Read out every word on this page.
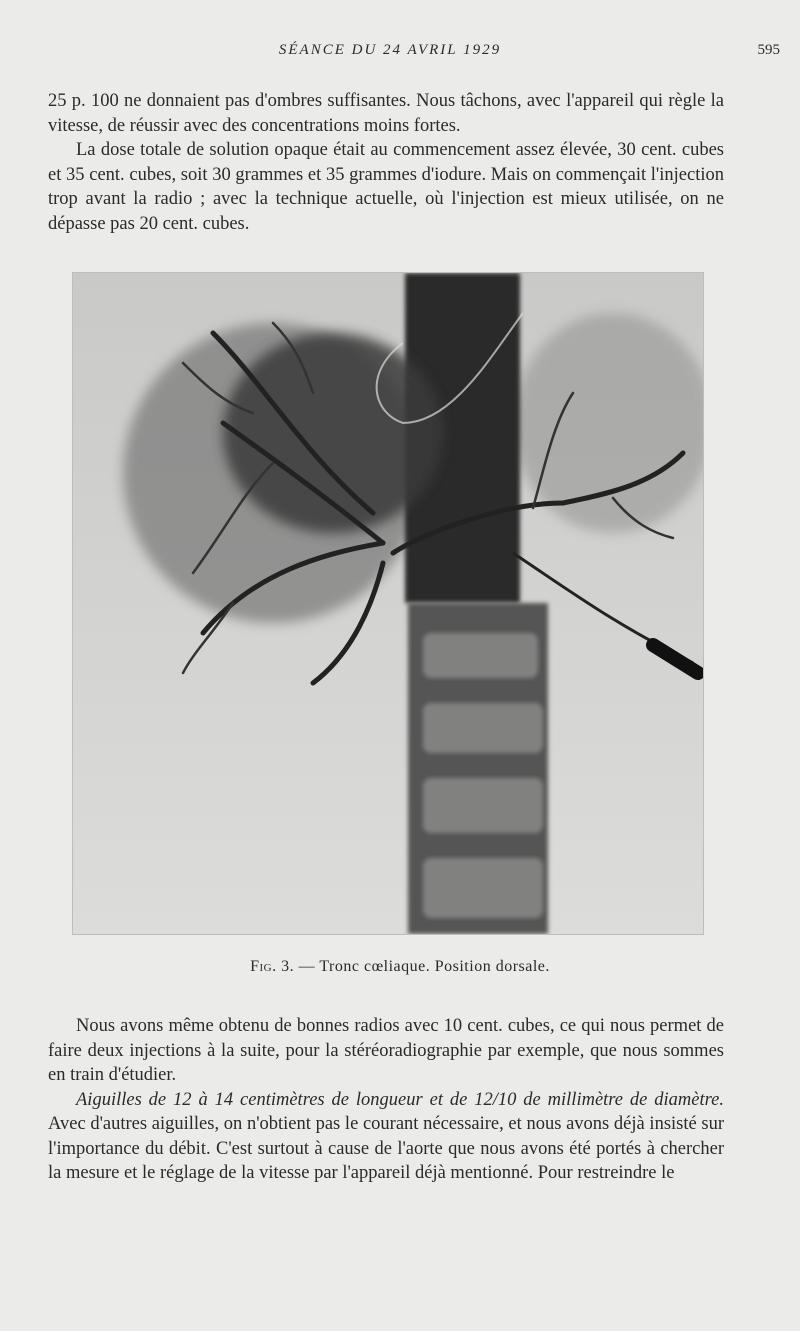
SÉANCE DU 24 AVRIL 1929	595

25 p. 100 ne donnaient pas d'ombres suffisantes. Nous tâchons, avec l'appareil qui règle la vitesse, de réussir avec des concentrations moins fortes.

La dose totale de solution opaque était au commencement assez élevée, 30 cent. cubes et 35 cent. cubes, soit 30 grammes et 35 grammes d'iodure. Mais on commençait l'injection trop avant la radio ; avec la technique actuelle, où l'injection est mieux utilisée, on ne dépasse pas 20 cent. cubes.

Fig. 3. — Tronc cœliaque. Position dorsale.

Nous avons même obtenu de bonnes radios avec 10 cent. cubes, ce qui nous permet de faire deux injections à la suite, pour la stéréoradiographie par exemple, que nous sommes en train d'étudier.

Aiguilles de 12 à 14 centimètres de longueur et de 12/10 de millimètre de diamètre. Avec d'autres aiguilles, on n'obtient pas le courant nécessaire, et nous avons déjà insisté sur l'importance du débit. C'est surtout à cause de l'aorte que nous avons été portés à chercher la mesure et le réglage de la vitesse par l'appareil déjà mentionné. Pour restreindre le
